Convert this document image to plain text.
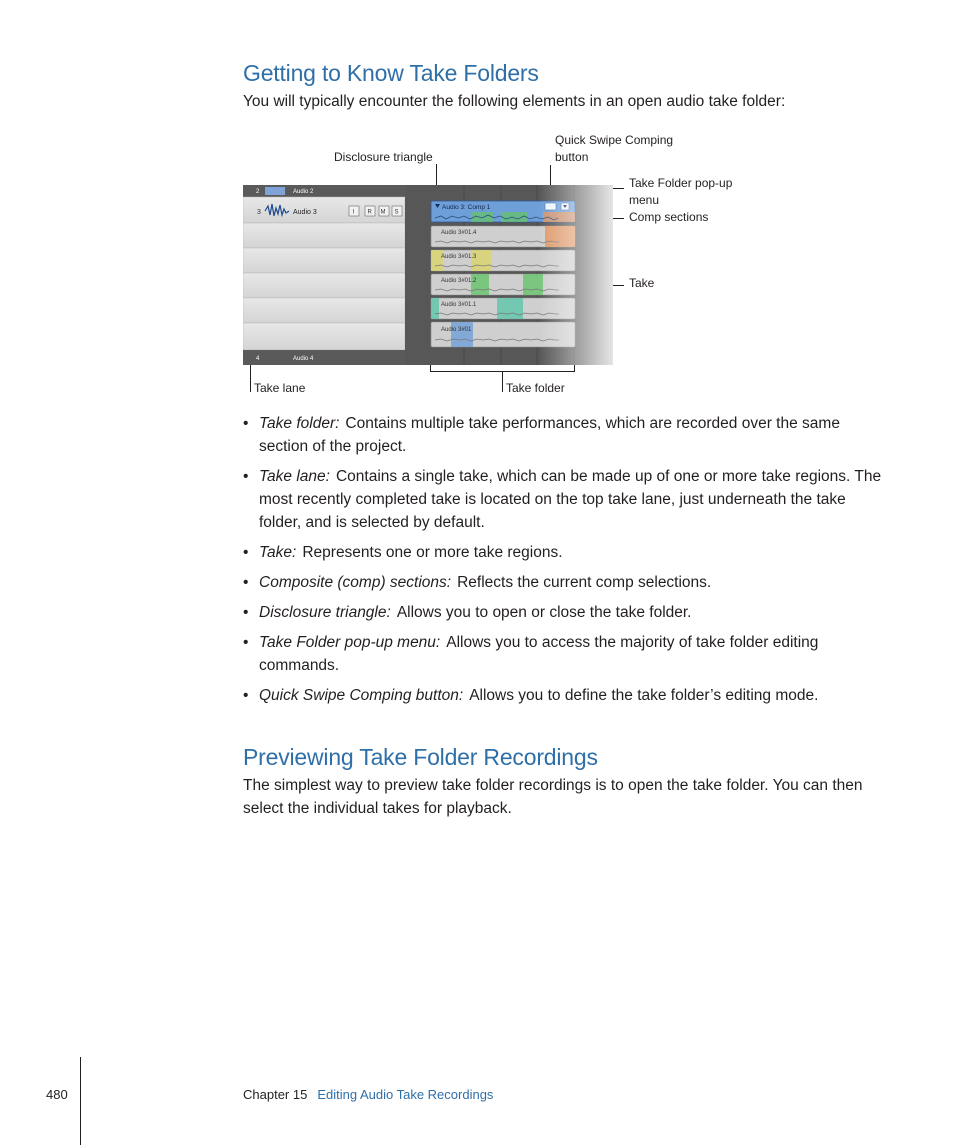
Getting to Know Take Folders

You will typically encounter the following elements in an open audio take folder:

Disclosure triangle
Quick Swipe Comping
button
Take Folder pop-up
menu
Comp sections
Take
Take lane	Take folder
• Take folder: Contains multiple take performances, which are recorded over the same section of the project.
• Take lane: Contains a single take, which can be made up of one or more take regions. The most recently completed take is located on the top take lane, just underneath the take folder, and is selected by default.
• Take: Represents one or more take regions.
• Composite (comp) sections: Reflects the current comp selections.
• Disclosure triangle: Allows you to open or close the take folder.
• Take Folder pop-up menu: Allows you to access the majority of take folder editing commands.
• Quick Swipe Comping button: Allows you to define the take folder’s editing mode.
Previewing Take Folder Recordings

The simplest way to preview take folder recordings is to open the take folder. You can then select the individual takes for playback.

480	Chapter 15 Editing Audio Take Recordings
